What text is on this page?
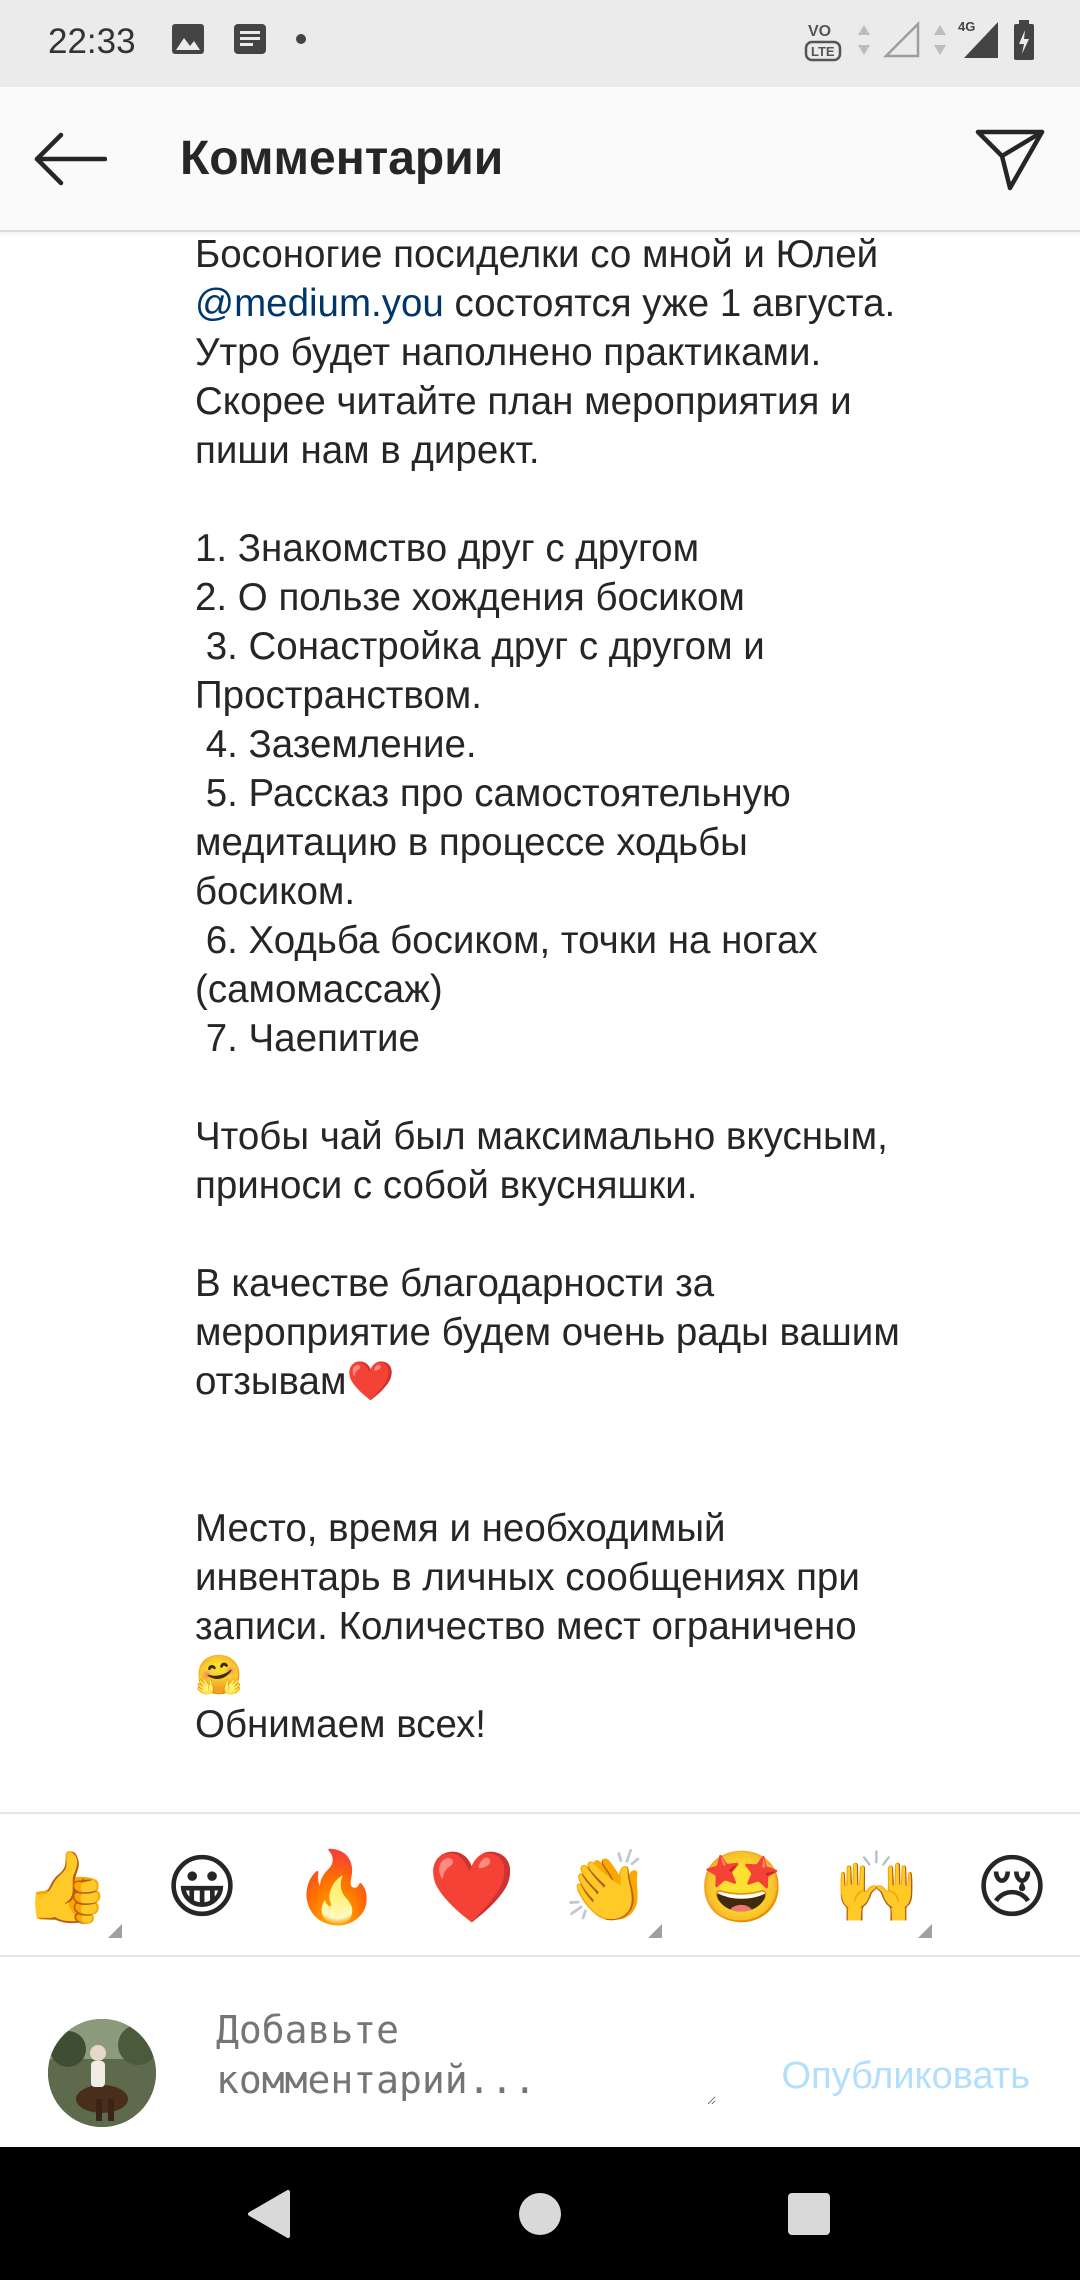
22:33	VO
LTE
4G
Комментарии

Босоногие посиделки со мной и Юлей

@medium.you состоятся уже 1 августа.

Утро будет наполнено практиками.

Скорее читайте план мероприятия и

пиши нам в директ.

1. Знакомство друг с другом

2. О пользе хождения босиком

3. Сонастройка друг с другом и
Пространством.

4. Заземление.

5. Рассказ про самостоятельную
медитацию в процессе ходьбы
босиком.

6. Ходьба босиком, точки на ногах
(самомассаж)

7. Чаепитие

Чтобы чай был максимально вкусным,
приноси с собой вкусняшки.

В качестве благодарности за
мероприятие будем очень рады вашим
отзывам❤️

Место, время и необходимый
инвентарь в личных сообщениях при
записи. Количество мест ограничено

🤗

Обнимаем всех!

👍 😀 🔥 ❤️ 👏 🤩 🙌 😢
Добавьте комментарий...
Опубликовать
